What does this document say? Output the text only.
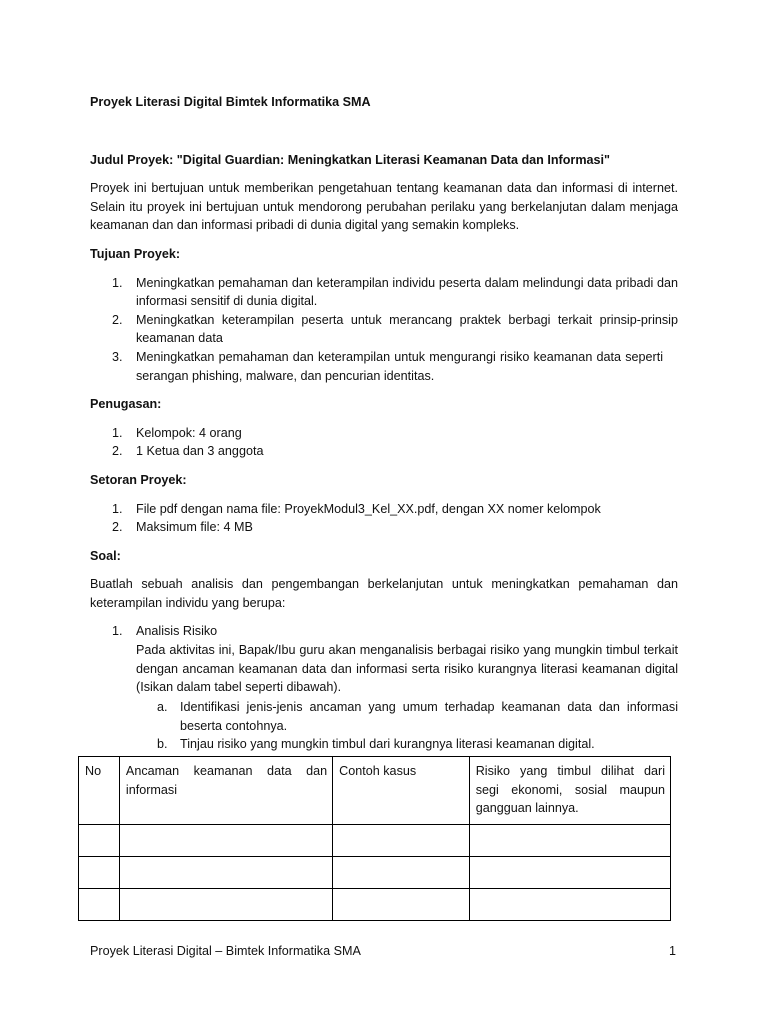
Proyek Literasi Digital Bimtek Informatika SMA

Judul Proyek: "Digital Guardian: Meningkatkan Literasi Keamanan Data dan Informasi"

Proyek ini bertujuan untuk memberikan pengetahuan tentang keamanan data dan informasi di internet. Selain itu proyek ini bertujuan untuk mendorong perubahan perilaku yang berkelanjutan dalam menjaga keamanan dan dan informasi pribadi di dunia digital yang semakin kompleks.

Tujuan Proyek:

1. Meningkatkan pemahaman dan keterampilan individu peserta dalam melindungi data pribadi dan informasi sensitif di dunia digital.
2. Meningkatkan keterampilan peserta untuk merancang praktek berbagi terkait prinsip-prinsip keamanan data
3. Meningkatkan pemahaman dan keterampilan untuk mengurangi risiko keamanan data sepertiserangan phishing, malware, dan pencurian identitas.

Penugasan:

1. Kelompok: 4 orang
2. 1 Ketua dan 3 anggota

Setoran Proyek:

1. File pdf dengan nama file: ProyekModul3_Kel_XX.pdf, dengan XX nomer kelompok
2. Maksimum file: 4 MB

Soal:

Buatlah sebuah analisis dan pengembangan berkelanjutan untuk meningkatkan pemahaman dan keterampilan individu yang berupa:

1. Analisis Risiko
Pada aktivitas ini, Bapak/Ibu guru akan menganalisis berbagai risiko yang mungkin timbul terkait dengan ancaman keamanan data dan informasi serta risiko kurangnya literasi keamanan digital (Isikan dalam tabel seperti dibawah).
a. Identifikasi jenis-jenis ancaman yang umum terhadap keamanan data dan informasi beserta contohnya.
b. Tinjau risiko yang mungkin timbul dari kurangnya literasi keamanan digital.
No	Ancaman keamanan data dan informasi	Contoh kasus	Risiko yang timbul dilihat dari segi ekonomi, sosial maupun gangguan lainnya.

Proyek Literasi Digital – Bimtek Informatika SMA	1
